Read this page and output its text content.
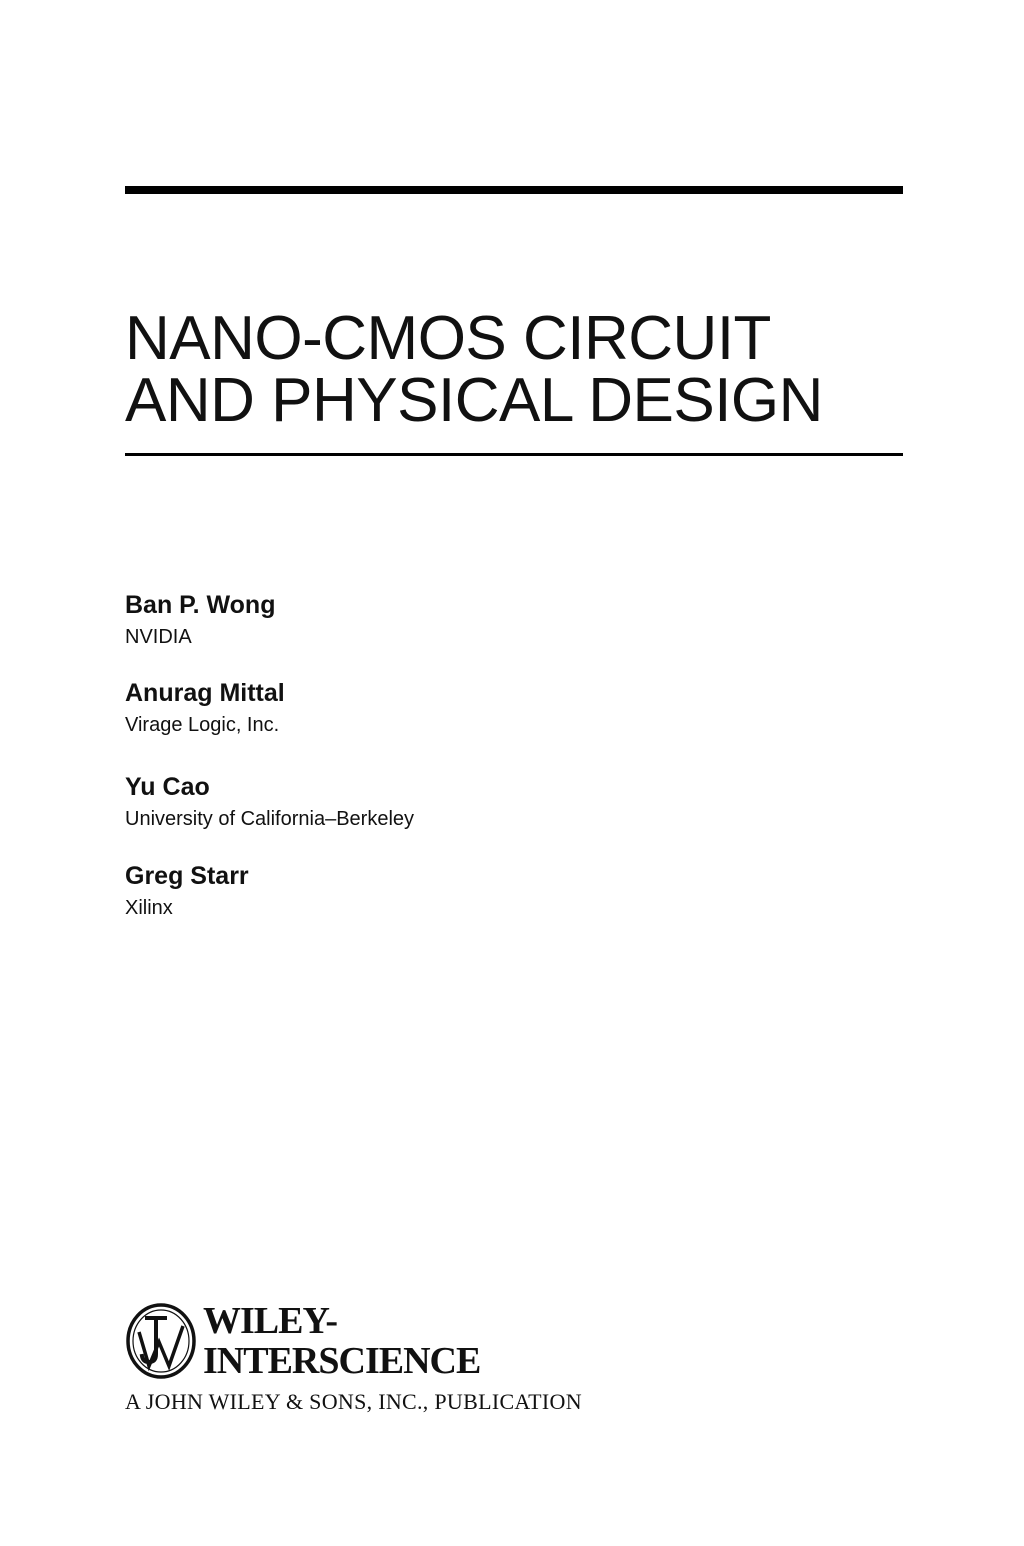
NANO-CMOS CIRCUIT
AND PHYSICAL DESIGN
Ban P. Wong
NVIDIA
Anurag Mittal
Virage Logic, Inc.
Yu Cao
University of California–Berkeley
Greg Starr
Xilinx
WILEY-
INTERSCIENCE
A JOHN WILEY & SONS, INC., PUBLICATION
